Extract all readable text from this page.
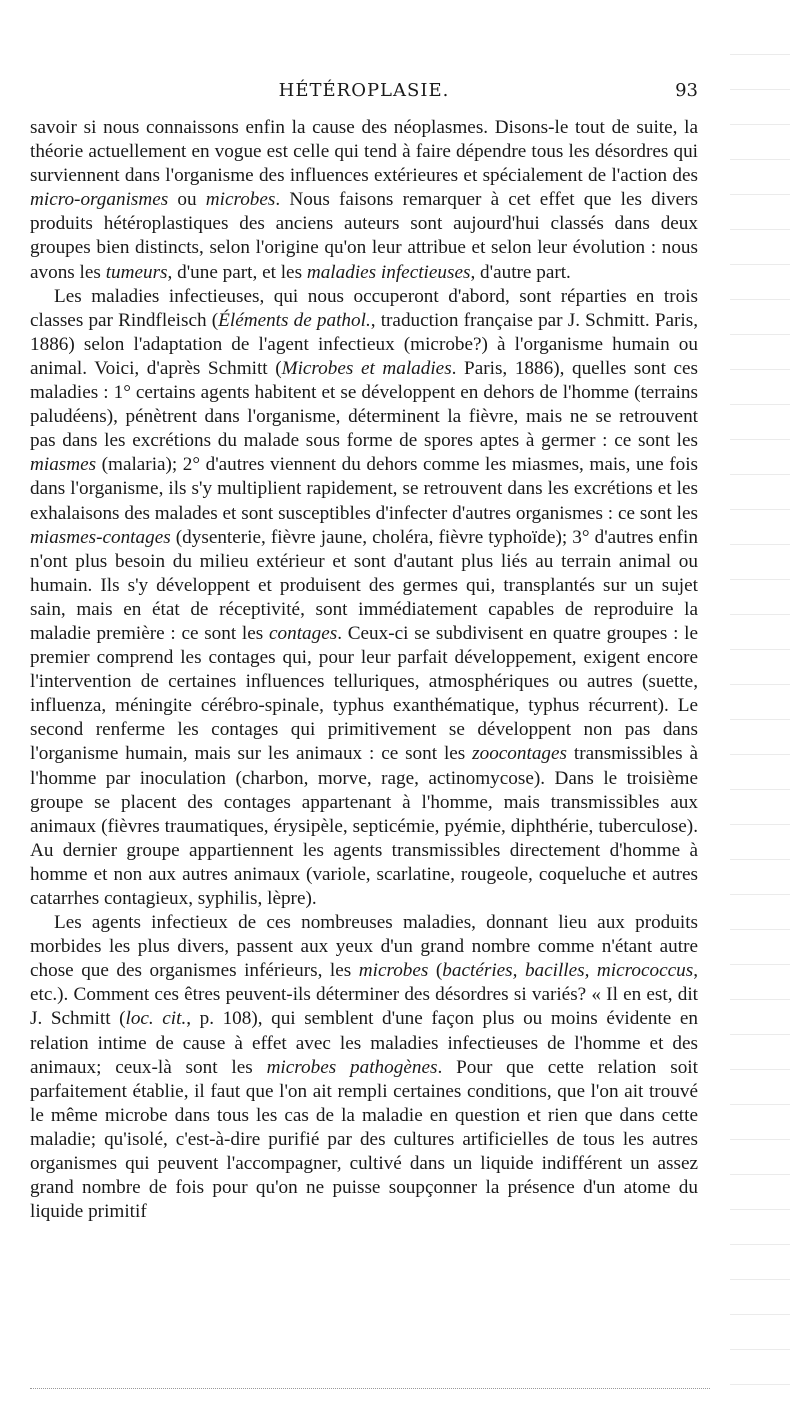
HÉTÉROPLASIE.	93

savoir si nous connaissons enfin la cause des néoplasmes. Disons-le tout de suite, la théorie actuellement en vogue est celle qui tend à faire dépendre tous les désordres qui surviennent dans l'organisme des influences extérieures et spécialement de l'action des micro-organismes ou microbes. Nous faisons remarquer à cet effet que les divers produits hétéroplastiques des anciens auteurs sont aujourd'hui classés dans deux groupes bien distincts, selon l'origine qu'on leur attribue et selon leur évolution : nous avons les tumeurs, d'une part, et les maladies infectieuses, d'autre part.

Les maladies infectieuses, qui nous occuperont d'abord, sont réparties en trois classes par Rindfleisch (Éléments de pathol., traduction française par J. Schmitt. Paris, 1886) selon l'adaptation de l'agent infectieux (microbe?) à l'organisme humain ou animal. Voici, d'après Schmitt (Microbes et maladies. Paris, 1886), quelles sont ces maladies : 1° certains agents habitent et se développent en dehors de l'homme (terrains paludéens), pénètrent dans l'organisme, déterminent la fièvre, mais ne se retrouvent pas dans les excrétions du malade sous forme de spores aptes à germer : ce sont les miasmes (malaria); 2° d'autres viennent du dehors comme les miasmes, mais, une fois dans l'organisme, ils s'y multiplient rapidement, se retrouvent dans les excrétions et les exhalaisons des malades et sont susceptibles d'infecter d'autres organismes : ce sont les miasmes-contages (dysenterie, fièvre jaune, choléra, fièvre typhoïde); 3° d'autres enfin n'ont plus besoin du milieu extérieur et sont d'autant plus liés au terrain animal ou humain. Ils s'y développent et produisent des germes qui, transplantés sur un sujet sain, mais en état de réceptivité, sont immédiatement capables de reproduire la maladie première : ce sont les contages. Ceux-ci se subdivisent en quatre groupes : le premier comprend les contages qui, pour leur parfait développement, exigent encore l'intervention de certaines influences telluriques, atmosphériques ou autres (suette, influenza, méningite cérébro-spinale, typhus exanthématique, typhus récurrent). Le second renferme les contages qui primitivement se développent non pas dans l'organisme humain, mais sur les animaux : ce sont les zoocontages transmissibles à l'homme par inoculation (charbon, morve, rage, actinomycose). Dans le troisième groupe se placent des contages appartenant à l'homme, mais transmissibles aux animaux (fièvres traumatiques, érysipèle, septicémie, pyémie, diphthérie, tuberculose). Au dernier groupe appartiennent les agents transmissibles directement d'homme à homme et non aux autres animaux (variole, scarlatine, rougeole, coqueluche et autres catarrhes contagieux, syphilis, lèpre).

Les agents infectieux de ces nombreuses maladies, donnant lieu aux produits morbides les plus divers, passent aux yeux d'un grand nombre comme n'étant autre chose que des organismes inférieurs, les microbes (bactéries, bacilles, micrococcus, etc.). Comment ces êtres peuvent-ils déterminer des désordres si variés? « Il en est, dit J. Schmitt (loc. cit., p. 108), qui semblent d'une façon plus ou moins évidente en relation intime de cause à effet avec les maladies infectieuses de l'homme et des animaux; ceux-là sont les microbes pathogènes. Pour que cette relation soit parfaitement établie, il faut que l'on ait rempli certaines conditions, que l'on ait trouvé le même microbe dans tous les cas de la maladie en question et rien que dans cette maladie; qu'isolé, c'est-à-dire purifié par des cultures artificielles de tous les autres organismes qui peuvent l'accompagner, cultivé dans un liquide indifférent un assez grand nombre de fois pour qu'on ne puisse soupçonner la présence d'un atome du liquide primitif
